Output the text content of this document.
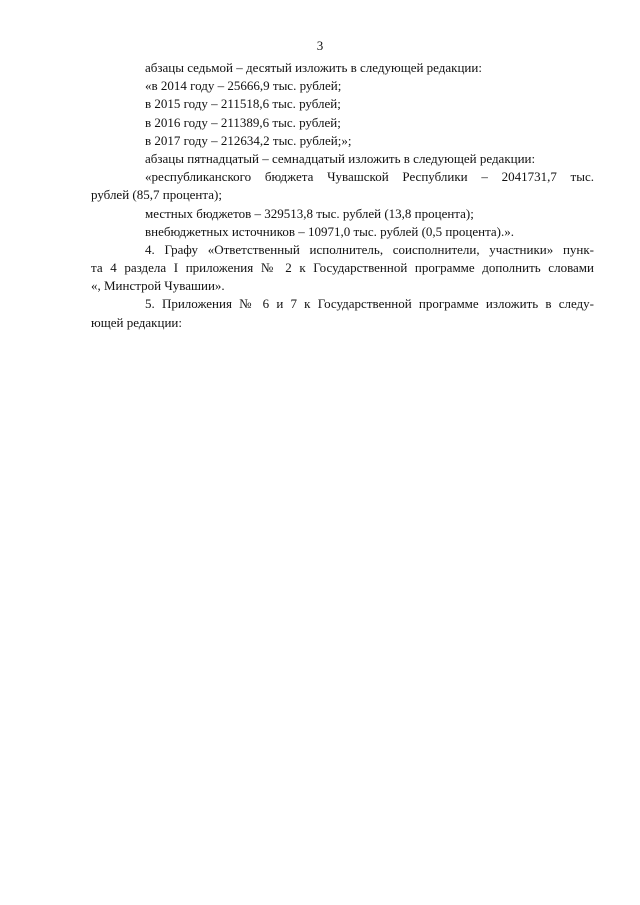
3
абзацы седьмой – десятый изложить в следующей редакции:
«в 2014 году – 25666,9 тыс. рублей;
в 2015 году – 211518,6 тыс. рублей;
в 2016 году – 211389,6 тыс. рублей;
в 2017 году – 212634,2 тыс. рублей;»;
абзацы пятнадцатый – семнадцатый изложить в следующей редакции:
«республиканского бюджета Чувашской Республики – 2041731,7 тыс.
рублей (85,7 процента);
местных бюджетов – 329513,8 тыс. рублей (13,8 процента);
внебюджетных источников – 10971,0 тыс. рублей (0,5 процента).».
4. Графу «Ответственный исполнитель, соисполнители, участники» пунк-
та 4 раздела I приложения № 2 к Государственной программе дополнить словами
«, Минстрой Чувашии».
5. Приложения № 6 и 7 к Государственной программе изложить в следу-
ющей редакции:
